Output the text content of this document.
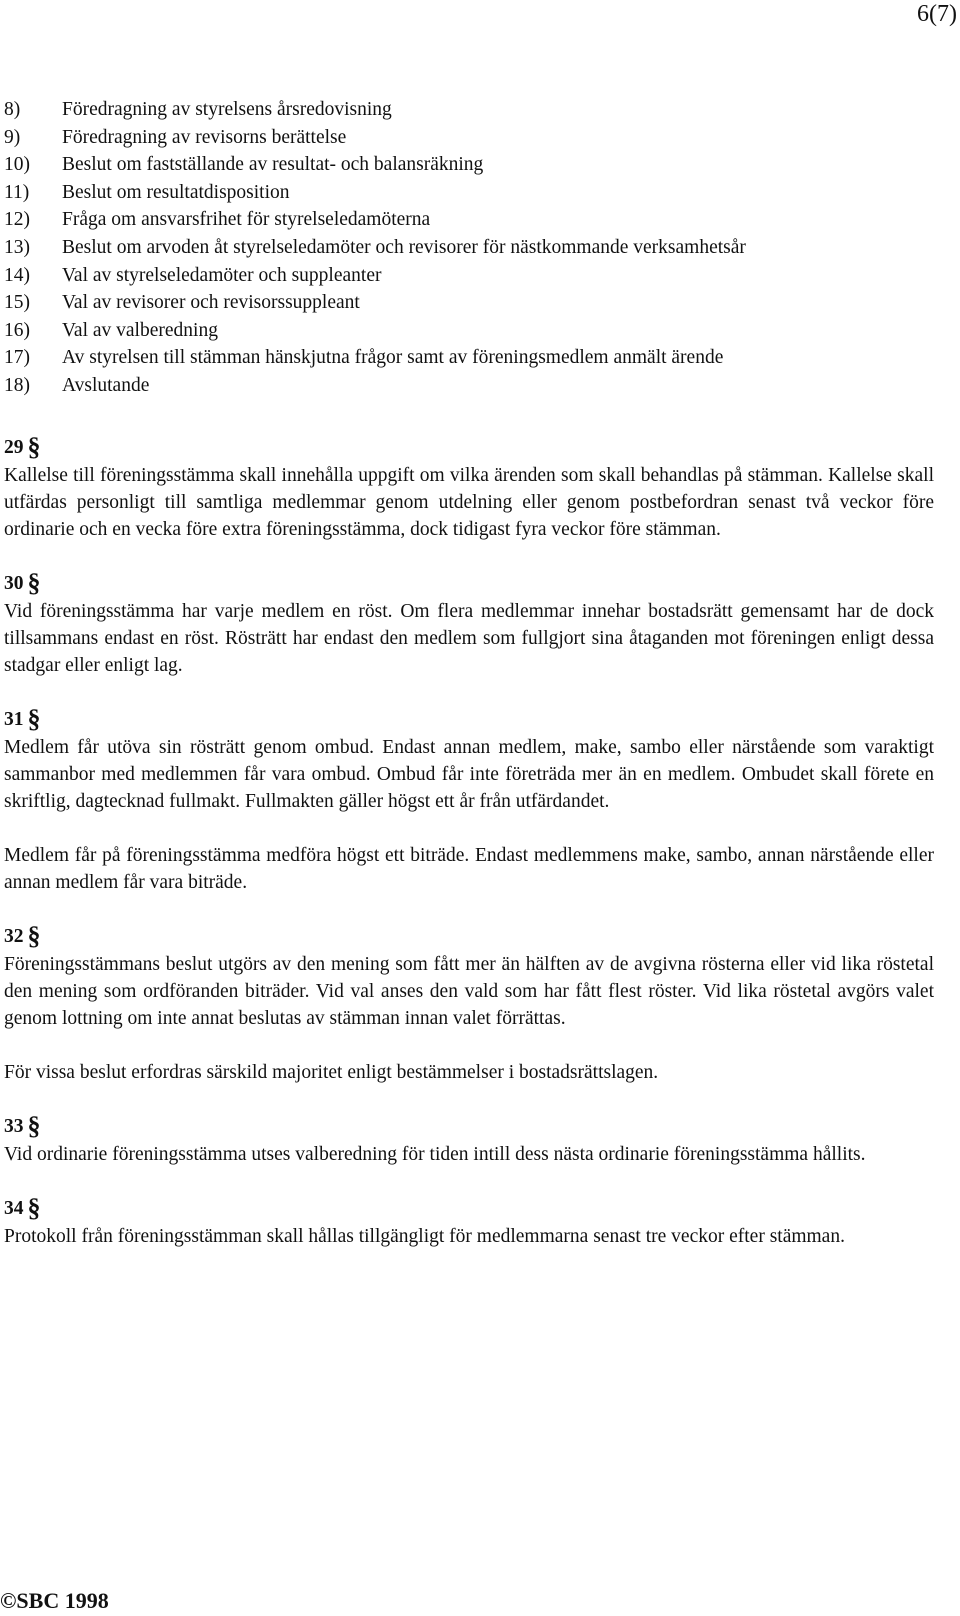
6(7)
8)	Föredragning av styrelsens årsredovisning
9)	Föredragning av revisorns berättelse
10)	Beslut om fastställande av resultat- och balansräkning
11)	Beslut om resultatdisposition
12)	Fråga om ansvarsfrihet för styrelseledamöterna
13)	Beslut om arvoden åt styrelseledamöter och revisorer för nästkommande verksamhetsår
14)	Val av styrelseledamöter och suppleanter
15)	Val av revisorer och revisorssuppleant
16)	Val av valberedning
17)	Av styrelsen till stämman hänskjutna frågor samt av föreningsmedlem anmält ärende
18)	Avslutande
29 §

Kallelse till föreningsstämma skall innehålla uppgift om vilka ärenden som skall behandlas på stämman. Kallelse skall utfärdas personligt till samtliga medlemmar genom utdelning eller genom postbefordran senast två veckor före ordinarie och en vecka före extra föreningsstämma, dock tidigast fyra veckor före stämman.

30 §

Vid föreningsstämma har varje medlem en röst. Om flera medlemmar innehar bostadsrätt gemensamt har de dock tillsammans endast en röst. Rösträtt har endast den medlem som fullgjort sina åtaganden mot föreningen enligt dessa stadgar eller enligt lag.

31 §

Medlem får utöva sin rösträtt genom ombud. Endast annan medlem, make, sambo eller närstående som varaktigt sammanbor med medlemmen får vara ombud. Ombud får inte företräda mer än en medlem. Ombudet skall förete en skriftlig, dagtecknad fullmakt. Fullmakten gäller högst ett år från utfärdandet.

Medlem får på föreningsstämma medföra högst ett biträde. Endast medlemmens make, sambo, annan närstående eller annan medlem får vara biträde.

32 §

Föreningsstämmans beslut utgörs av den mening som fått mer än hälften av de avgivna rösterna eller vid lika röstetal den mening som ordföranden biträder. Vid val anses den vald som har fått flest röster. Vid lika röstetal avgörs valet genom lottning om inte annat beslutas av stämman innan valet förrättas.

För vissa beslut erfordras särskild majoritet enligt bestämmelser i bostadsrättslagen.

33 §

Vid ordinarie föreningsstämma utses valberedning för tiden intill dess nästa ordinarie föreningsstämma hållits.

34 §

Protokoll från föreningsstämman skall hållas tillgängligt för medlemmarna senast tre veckor efter stämman.

©SBC 1998
